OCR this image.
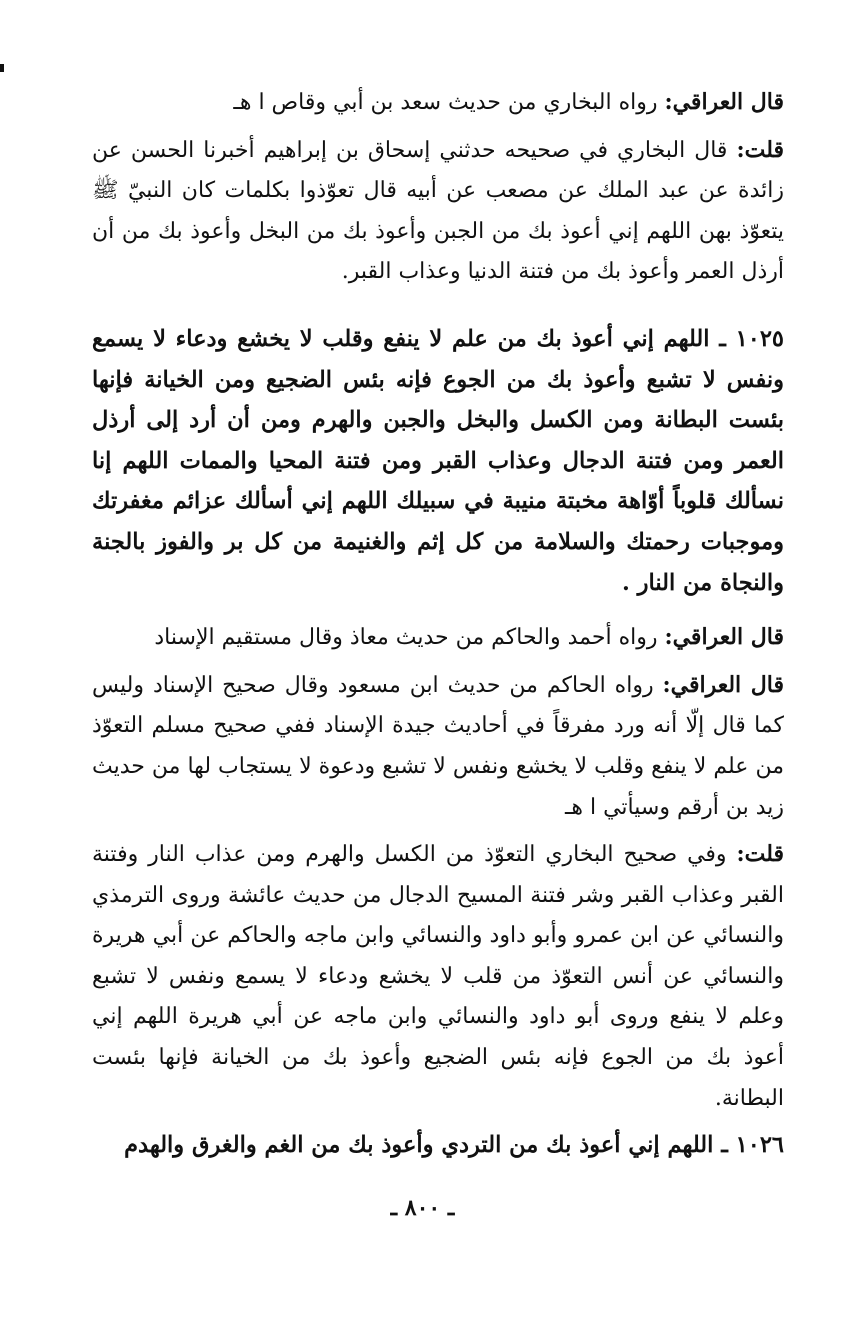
قال العراقي: رواه البخاري من حديث سعد بن أبي وقاص ا هـ

قلت: قال البخاري في صحيحه حدثني إسحاق بن إبراهيم أخبرنا الحسن عن زائدة عن عبد الملك عن مصعب عن أبيه قال تعوّذوا بكلمات كان النبيّ ﷺ يتعوّذ بهن اللهم إني أعوذ بك من الجبن وأعوذ بك من البخل وأعوذ بك من أن أرذل العمر وأعوذ بك من فتنة الدنيا وعذاب القبر.

١٠٢٥ ـ اللهم إني أعوذ بك من علم لا ينفع وقلب لا يخشع ودعاء لا يسمع ونفس لا تشبع وأعوذ بك من الجوع فإنه بئس الضجيع ومن الخيانة فإنها بئست البطانة ومن الكسل والبخل والجبن والهرم ومن أن أرد إلى أرذل العمر ومن فتنة الدجال وعذاب القبر ومن فتنة المحيا والممات اللهم إنا نسألك قلوباً أوّاهة مخبتة منيبة في سبيلك اللهم إني أسألك عزائم مغفرتك وموجبات رحمتك والسلامة من كل إثم والغنيمة من كل بر والفوز بالجنة والنجاة من النار .

قال العراقي: رواه أحمد والحاكم من حديث معاذ وقال مستقيم الإسناد

قال العراقي: رواه الحاكم من حديث ابن مسعود وقال صحيح الإسناد وليس كما قال إلّا أنه ورد مفرقاً في أحاديث جيدة الإسناد ففي صحيح مسلم التعوّذ من علم لا ينفع وقلب لا يخشع ونفس لا تشبع ودعوة لا يستجاب لها من حديث زيد بن أرقم وسيأتي ا هـ

قلت: وفي صحيح البخاري التعوّذ من الكسل والهرم ومن عذاب النار وفتنة القبر وعذاب القبر وشر فتنة المسيح الدجال من حديث عائشة وروى الترمذي والنسائي عن ابن عمرو وأبو داود والنسائي وابن ماجه والحاكم عن أبي هريرة والنسائي عن أنس التعوّذ من قلب لا يخشع ودعاء لا يسمع ونفس لا تشبع وعلم لا ينفع وروى أبو داود والنسائي وابن ماجه عن أبي هريرة اللهم إني أعوذ بك من الجوع فإنه بئس الضجيع وأعوذ بك من الخيانة فإنها بئست البطانة.

١٠٢٦ ـ اللهم إني أعوذ بك من التردي وأعوذ بك من الغم والغرق والهدم

ـ ٨٠٠ ـ
